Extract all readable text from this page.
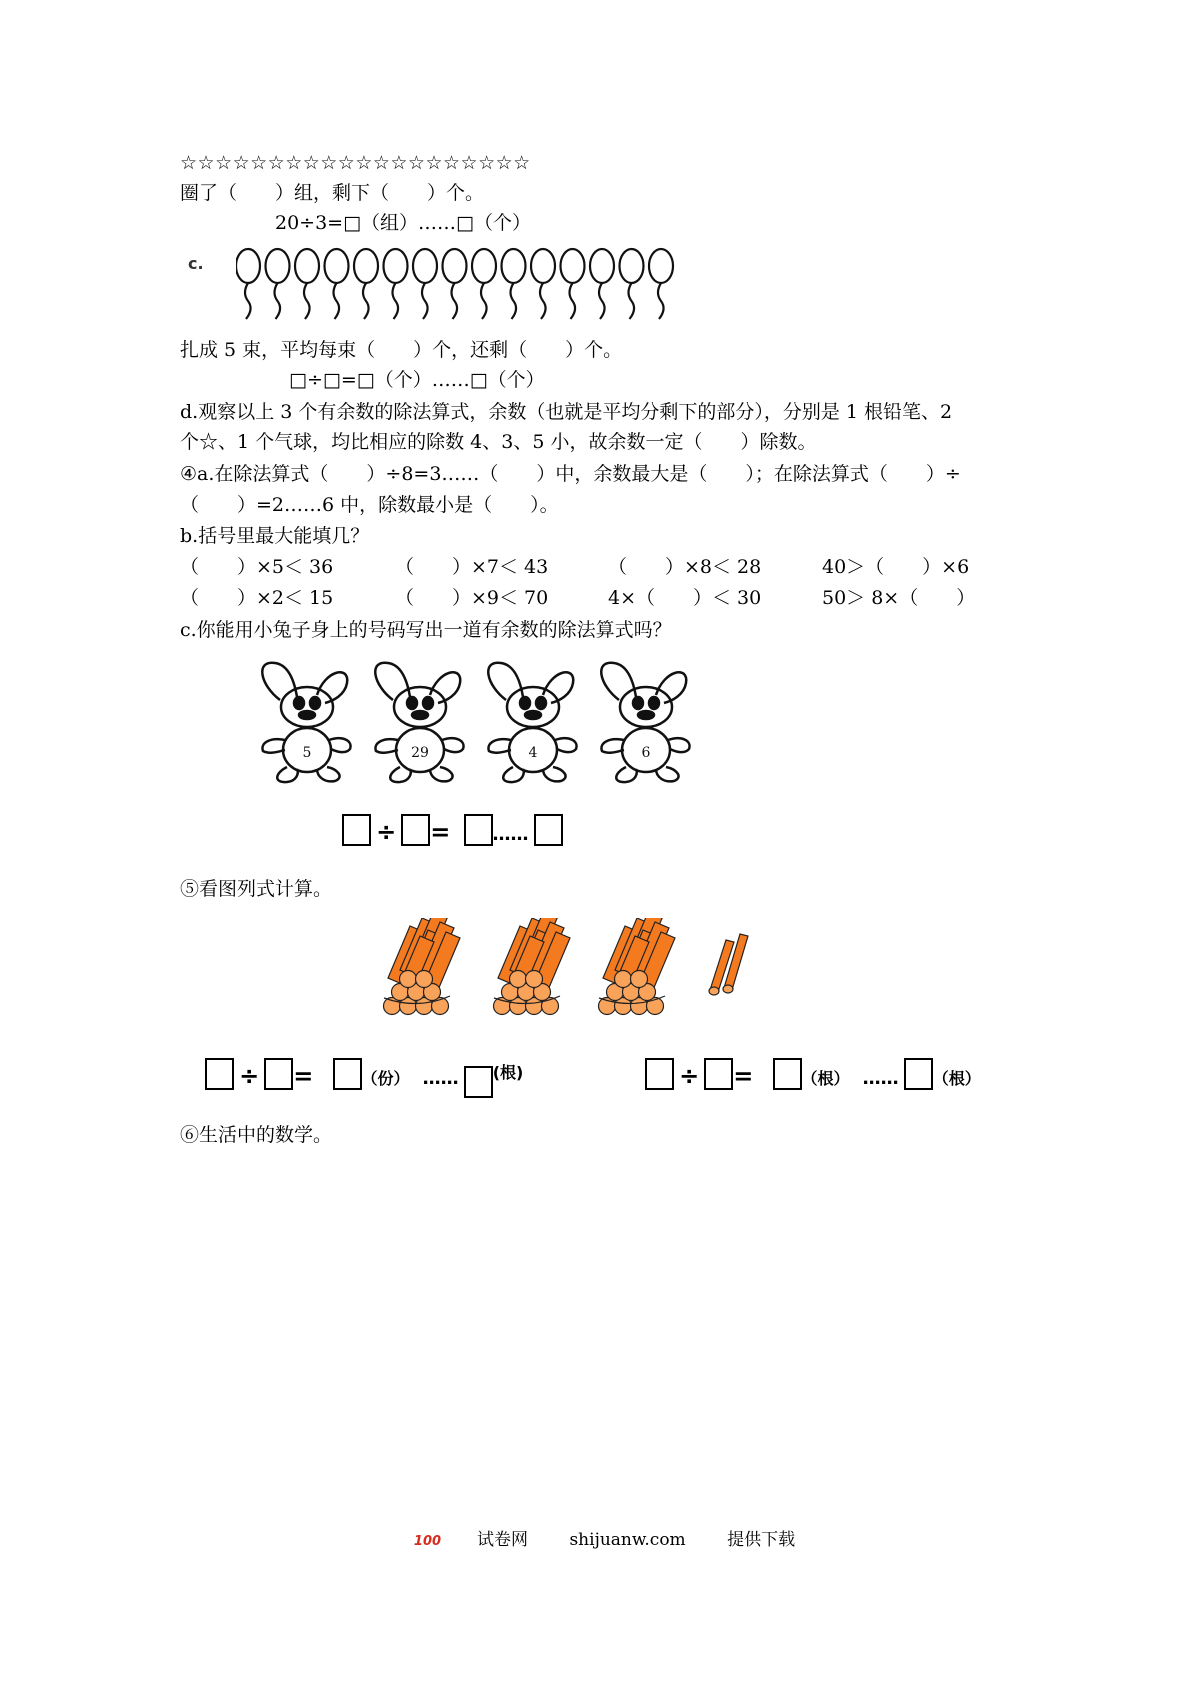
☆☆☆☆☆☆☆☆☆☆☆☆☆☆☆☆☆☆☆☆
圈了（　　）组，剩下（　　）个。
20÷3=□（组）……□（个）
c.
扎成 5 束，平均每束（　　）个，还剩（　　）个。
□÷□=□（个）……□（个）
d.观察以上 3 个有余数的除法算式，余数（也就是平均分剩下的部分），分别是 1 根铅笔、2
个☆、1 个气球，均比相应的除数 4、3、5 小，故余数一定（　　）除数。
④a.在除法算式（　　）÷8=3……（　　）中，余数最大是（　　）；在除法算式（　　）÷
（　　）=2……6 中，除数最小是（　　）。
b.括号里最大能填几？
（　　）×5＜ 36	（　　）×7＜ 43	（　　）×8＜ 28	40＞（　　）×6
（　　）×2＜ 15	（　　）×9＜ 70	4×（　　）＜ 30	50＞ 8×（　　）
c.你能用小兔子身上的号码写出一道有余数的除法算式吗？
5	29	4	6
÷ = ……
⑤看图列式计算。
÷ =	（份） …… (根)	÷ =	（根） …… （根）
⑥生活中的数学。
100 试卷网 shijuanw.com 提供下载
